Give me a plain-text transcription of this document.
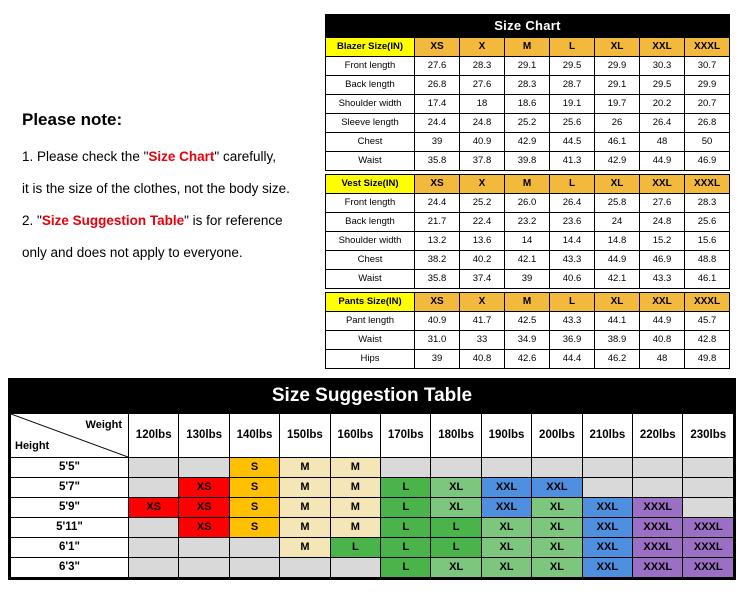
Please note:
1. Please check the "Size Chart" carefully,
it is the size of the clothes, not the body size.
2. "Size Suggestion Table" is for reference
only and does not apply to everyone.
Size Chart
Blazer Size(IN)	XS	X	M	L	XL	XXL	XXXL
Front length	27.6	28.3	29.1	29.5	29.9	30.3	30.7
Back length	26.8	27.6	28.3	28.7	29.1	29.5	29.9
Shoulder width	17.4	18	18.6	19.1	19.7	20.2	20.7
Sleeve length	24.4	24.8	25.2	25.6	26	26.4	26.8
Chest	39	40.9	42.9	44.5	46.1	48	50
Waist	35.8	37.8	39.8	41.3	42.9	44.9	46.9
Vest Size(IN)	XS	X	M	L	XL	XXL	XXXL
Front length	24.4	25.2	26.0	26.4	25.8	27.6	28.3
Back length	21.7	22.4	23.2	23.6	24	24.8	25.6
Shoulder width	13.2	13.6	14	14.4	14.8	15.2	15.6
Chest	38.2	40.2	42.1	43.3	44.9	46.9	48.8
Waist	35.8	37.4	39	40.6	42.1	43.3	46.1
Pants Size(IN)	XS	X	M	L	XL	XXL	XXXL
Pant length	40.9	41.7	42.5	43.3	44.1	44.9	45.7
Waist	31.0	33	34.9	36.9	38.9	40.8	42.8
Hips	39	40.8	42.6	44.4	46.2	48	49.8
Size Suggestion Table
Weight
Height	120lbs	130lbs	140lbs	150lbs	160lbs	170lbs	180lbs	190lbs	200lbs	210lbs	220lbs	230lbs
5'5"			S	M	M							
5'7"		XS	S	M	M	L	XL	XXL	XXL			
5'9"	XS	XS	S	M	M	L	XL	XXL	XL	XXL	XXXL	
5'11"		XS	S	M	M	L	L	XL	XL	XXL	XXXL	XXXL
6'1"				M	L	L	L	XL	XL	XXL	XXXL	XXXL
6'3"						L	XL	XL	XL	XXL	XXXL	XXXL
